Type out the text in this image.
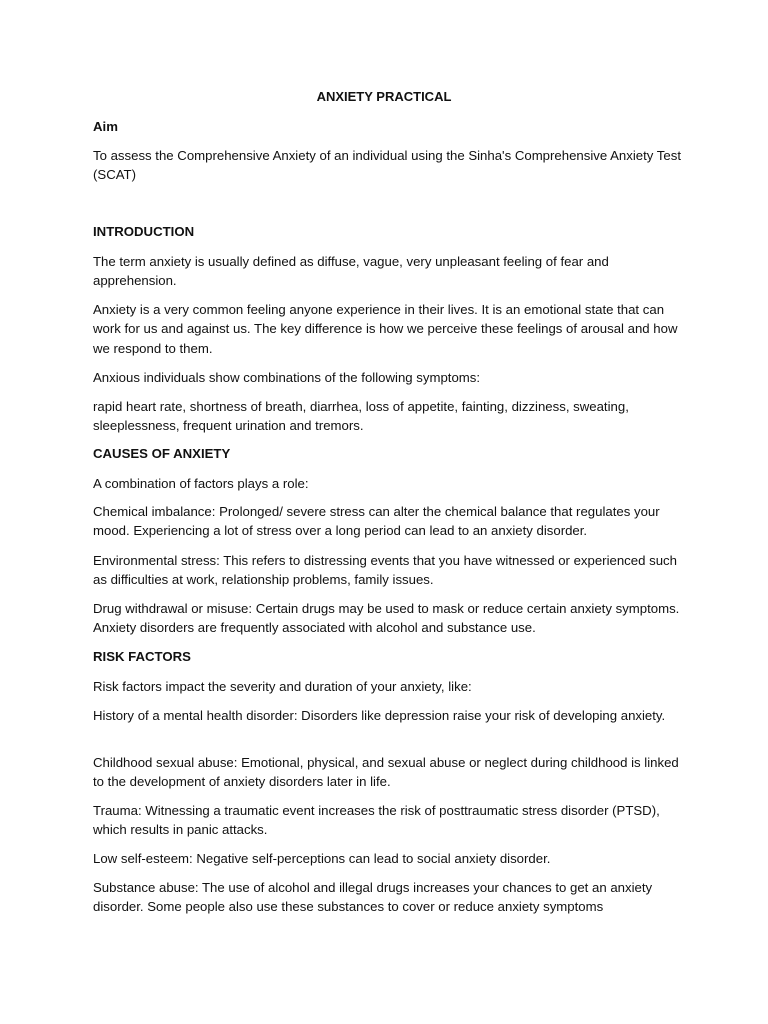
ANXIETY PRACTICAL

Aim

To assess the Comprehensive Anxiety of an individual using the Sinha's Comprehensive Anxiety Test (SCAT)

INTRODUCTION

The term anxiety is usually defined as diffuse, vague, very unpleasant feeling of fear and apprehension.

Anxiety is a very common feeling anyone experience in their lives. It is an emotional state that can work for us and against us. The key difference is how we perceive these feelings of arousal and how we respond to them.

Anxious individuals show combinations of the following symptoms:

rapid heart rate, shortness of breath, diarrhea, loss of appetite, fainting, dizziness, sweating, sleeplessness, frequent urination and tremors.

CAUSES OF ANXIETY

A combination of factors plays a role:

Chemical imbalance: Prolonged/ severe stress can alter the chemical balance that regulates your mood. Experiencing a lot of stress over a long period can lead to an anxiety disorder.

Environmental stress: This refers to distressing events that you have witnessed or experienced such as difficulties at work, relationship problems, family issues.

Drug withdrawal or misuse: Certain drugs may be used to mask or reduce certain anxiety symptoms. Anxiety disorders are frequently associated with alcohol and substance use.

RISK FACTORS

Risk factors impact the severity and duration of your anxiety, like:

History of a mental health disorder: Disorders like depression raise your risk of developing anxiety.

Childhood sexual abuse: Emotional, physical, and sexual abuse or neglect during childhood is linked to the development of anxiety disorders later in life.

Trauma: Witnessing a traumatic event increases the risk of posttraumatic stress disorder (PTSD), which results in panic attacks.

Low self-esteem: Negative self-perceptions can lead to social anxiety disorder.

Substance abuse: The use of alcohol and illegal drugs increases your chances to get an anxiety disorder. Some people also use these substances to cover or reduce anxiety symptoms
